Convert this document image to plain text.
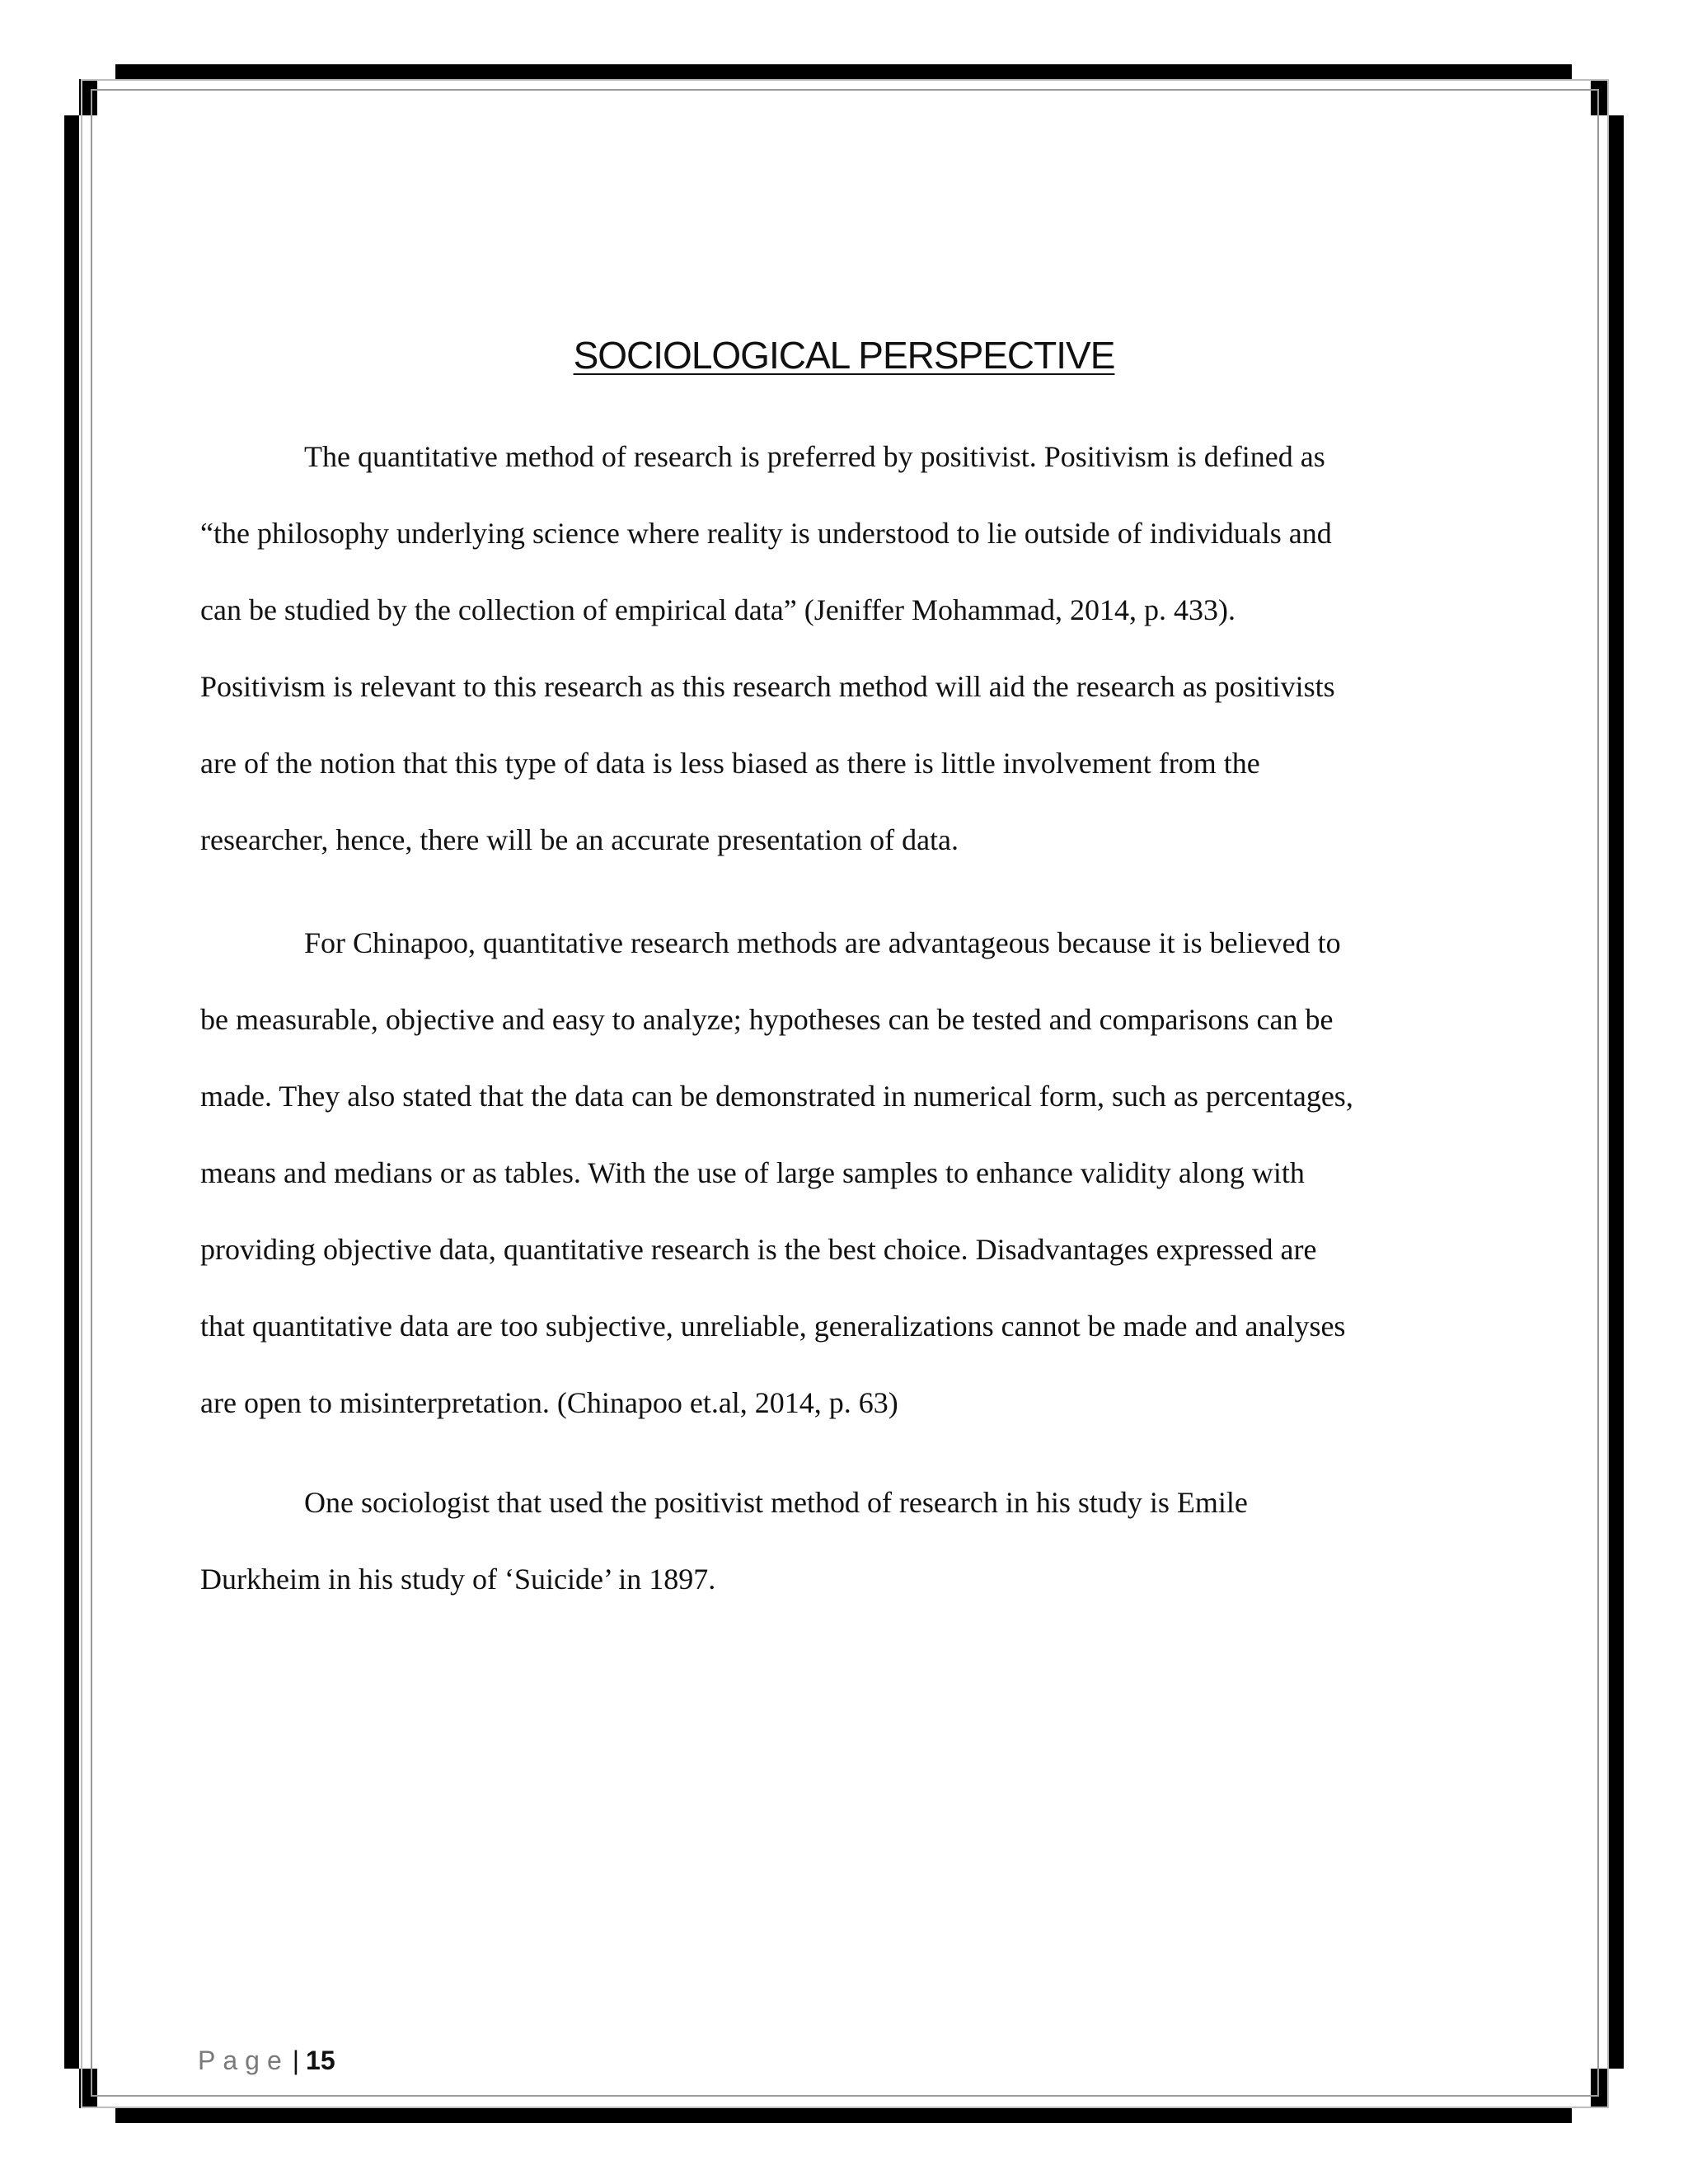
SOCIOLOGICAL PERSPECTIVE

The quantitative method of research is preferred by positivist. Positivism is defined as
“the philosophy underlying science where reality is understood to lie outside of individuals and
can be studied by the collection of empirical data” (Jeniffer Mohammad, 2014, p. 433).
Positivism is relevant to this research as this research method will aid the research as positivists
are of the notion that this type of data is less biased as there is little involvement from the
researcher, hence, there will be an accurate presentation of data.

For Chinapoo, quantitative research methods are advantageous because it is believed to
be measurable, objective and easy to analyze; hypotheses can be tested and comparisons can be
made. They also stated that the data can be demonstrated in numerical form, such as percentages,
means and medians or as tables. With the use of large samples to enhance validity along with
providing objective data, quantitative research is the best choice. Disadvantages expressed are
that quantitative data are too subjective, unreliable, generalizations cannot be made and analyses
are open to misinterpretation. (Chinapoo et.al, 2014, p. 63)

One sociologist that used the positivist method of research in his study is Emile
Durkheim in his study of ‘Suicide’ in 1897.

Page | 15
